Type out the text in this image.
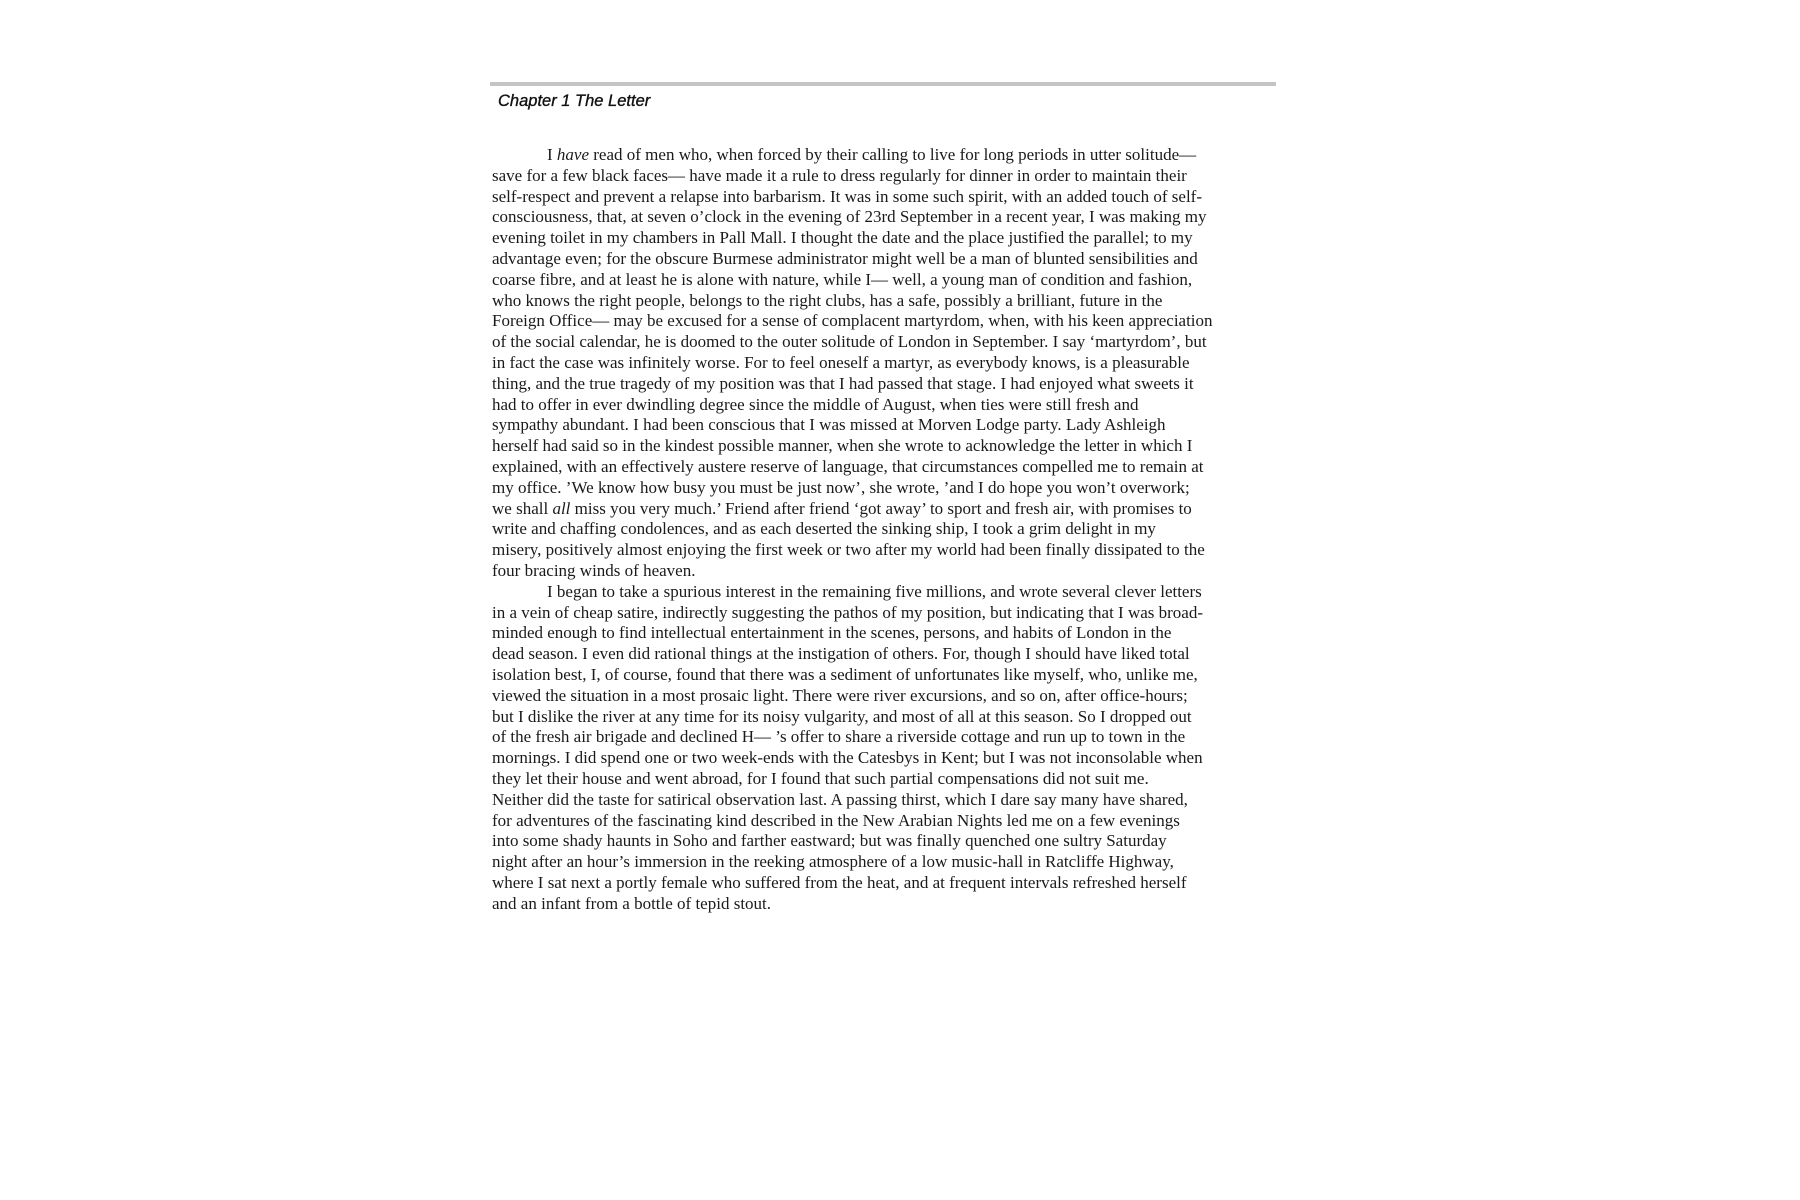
Chapter 1 The Letter
I have read of men who, when forced by their calling to live for long periods in utter solitude—
save for a few black faces— have made it a rule to dress regularly for dinner in order to maintain their
self-respect and prevent a relapse into barbarism. It was in some such spirit, with an added touch of self-
consciousness, that, at seven o’clock in the evening of 23rd September in a recent year, I was making my
evening toilet in my chambers in Pall Mall. I thought the date and the place justified the parallel; to my
advantage even; for the obscure Burmese administrator might well be a man of blunted sensibilities and
coarse fibre, and at least he is alone with nature, while I— well, a young man of condition and fashion,
who knows the right people, belongs to the right clubs, has a safe, possibly a brilliant, future in the
Foreign Office— may be excused for a sense of complacent martyrdom, when, with his keen appreciation
of the social calendar, he is doomed to the outer solitude of London in September. I say ‘martyrdom’, but
in fact the case was infinitely worse. For to feel oneself a martyr, as everybody knows, is a pleasurable
thing, and the true tragedy of my position was that I had passed that stage. I had enjoyed what sweets it
had to offer in ever dwindling degree since the middle of August, when ties were still fresh and
sympathy abundant. I had been conscious that I was missed at Morven Lodge party. Lady Ashleigh
herself had said so in the kindest possible manner, when she wrote to acknowledge the letter in which I
explained, with an effectively austere reserve of language, that circumstances compelled me to remain at
my office. ’We know how busy you must be just now’, she wrote, ’and I do hope you won’t overwork;
we shall all miss you very much.’ Friend after friend ‘got away’ to sport and fresh air, with promises to
write and chaffing condolences, and as each deserted the sinking ship, I took a grim delight in my
misery, positively almost enjoying the first week or two after my world had been finally dissipated to the
four bracing winds of heaven.
I began to take a spurious interest in the remaining five millions, and wrote several clever letters
in a vein of cheap satire, indirectly suggesting the pathos of my position, but indicating that I was broad-
minded enough to find intellectual entertainment in the scenes, persons, and habits of London in the
dead season. I even did rational things at the instigation of others. For, though I should have liked total
isolation best, I, of course, found that there was a sediment of unfortunates like myself, who, unlike me,
viewed the situation in a most prosaic light. There were river excursions, and so on, after office-hours;
but I dislike the river at any time for its noisy vulgarity, and most of all at this season. So I dropped out
of the fresh air brigade and declined H— ’s offer to share a riverside cottage and run up to town in the
mornings. I did spend one or two week-ends with the Catesbys in Kent; but I was not inconsolable when
they let their house and went abroad, for I found that such partial compensations did not suit me.
Neither did the taste for satirical observation last. A passing thirst, which I dare say many have shared,
for adventures of the fascinating kind described in the New Arabian Nights led me on a few evenings
into some shady haunts in Soho and farther eastward; but was finally quenched one sultry Saturday
night after an hour’s immersion in the reeking atmosphere of a low music-hall in Ratcliffe Highway,
where I sat next a portly female who suffered from the heat, and at frequent intervals refreshed herself
and an infant from a bottle of tepid stout.
